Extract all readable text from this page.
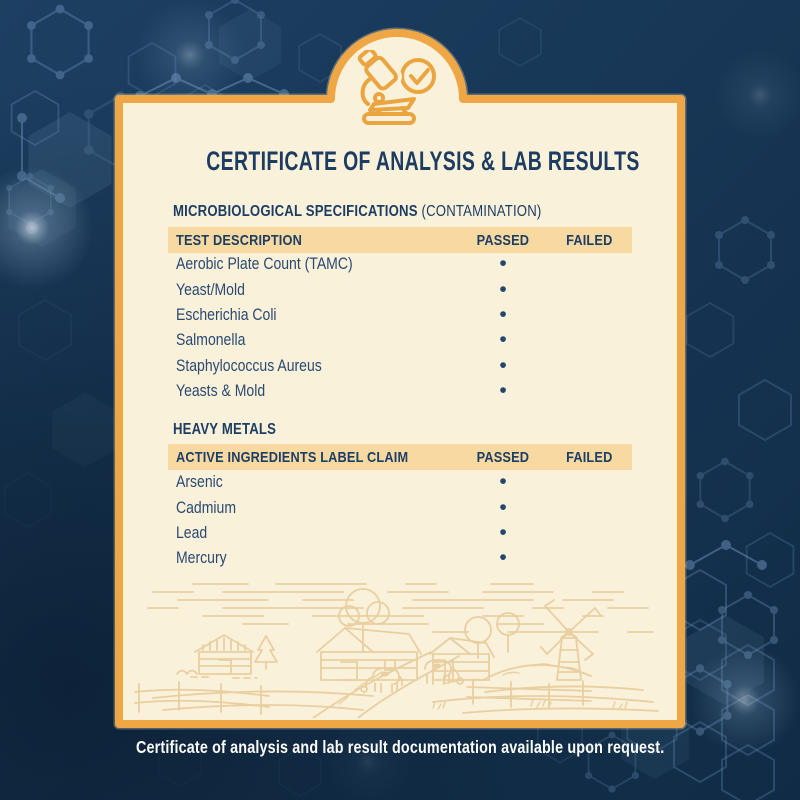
CERTIFICATE OF ANALYSIS & LAB RESULTS
MICROBIOLOGICAL SPECIFICATIONS (CONTAMINATION)
TEST DESCRIPTION	PASSED FAILED
Aerobic Plate Count (TAMC)	•
Yeast/Mold	•
Escherichia Coli	•
Salmonella	•
Staphylococcus Aureus	•
Yeasts & Mold	•
HEAVY METALS
ACTIVE INGREDIENTS LABEL CLAIM	PASSED FAILED
Arsenic	•
Cadmium	•
Lead	•
Mercury	•
Certificate of analysis and lab result documentation available upon request.
